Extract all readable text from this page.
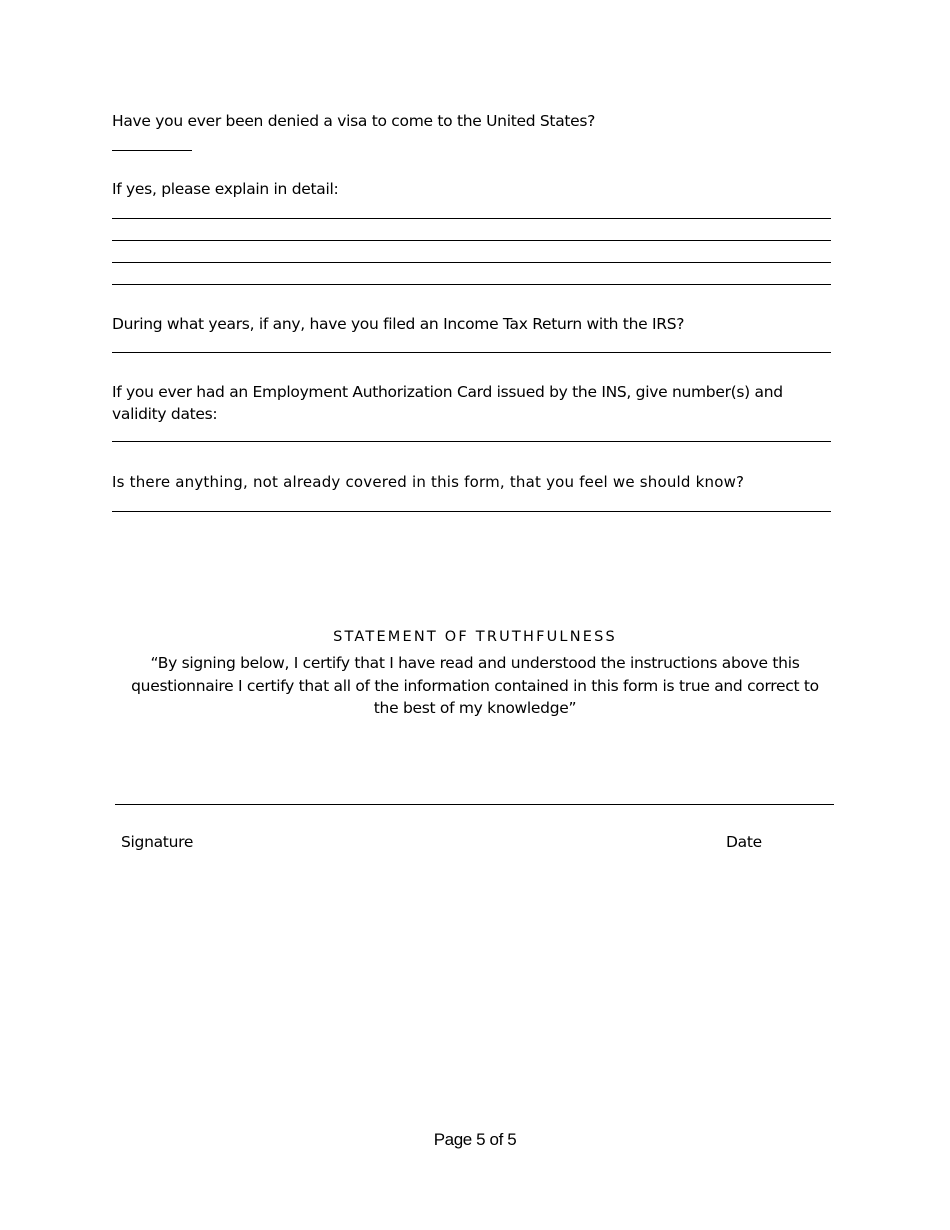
Have you ever been denied a visa to come to the United States?
If yes, please explain in detail:
During what years, if any, have you filed an Income Tax Return with the IRS?
If you ever had an Employment Authorization Card issued by the INS, give number(s) and validity dates:
Is there anything, not already covered in this form, that you feel we should know?
STATEMENT OF TRUTHFULNESS
“By signing below, I certify that I have read and understood the instructions above this questionnaire I certify that all of the information contained in this form is true and correct to the best of my knowledge”
Signature	Date
Page 5 of 5
